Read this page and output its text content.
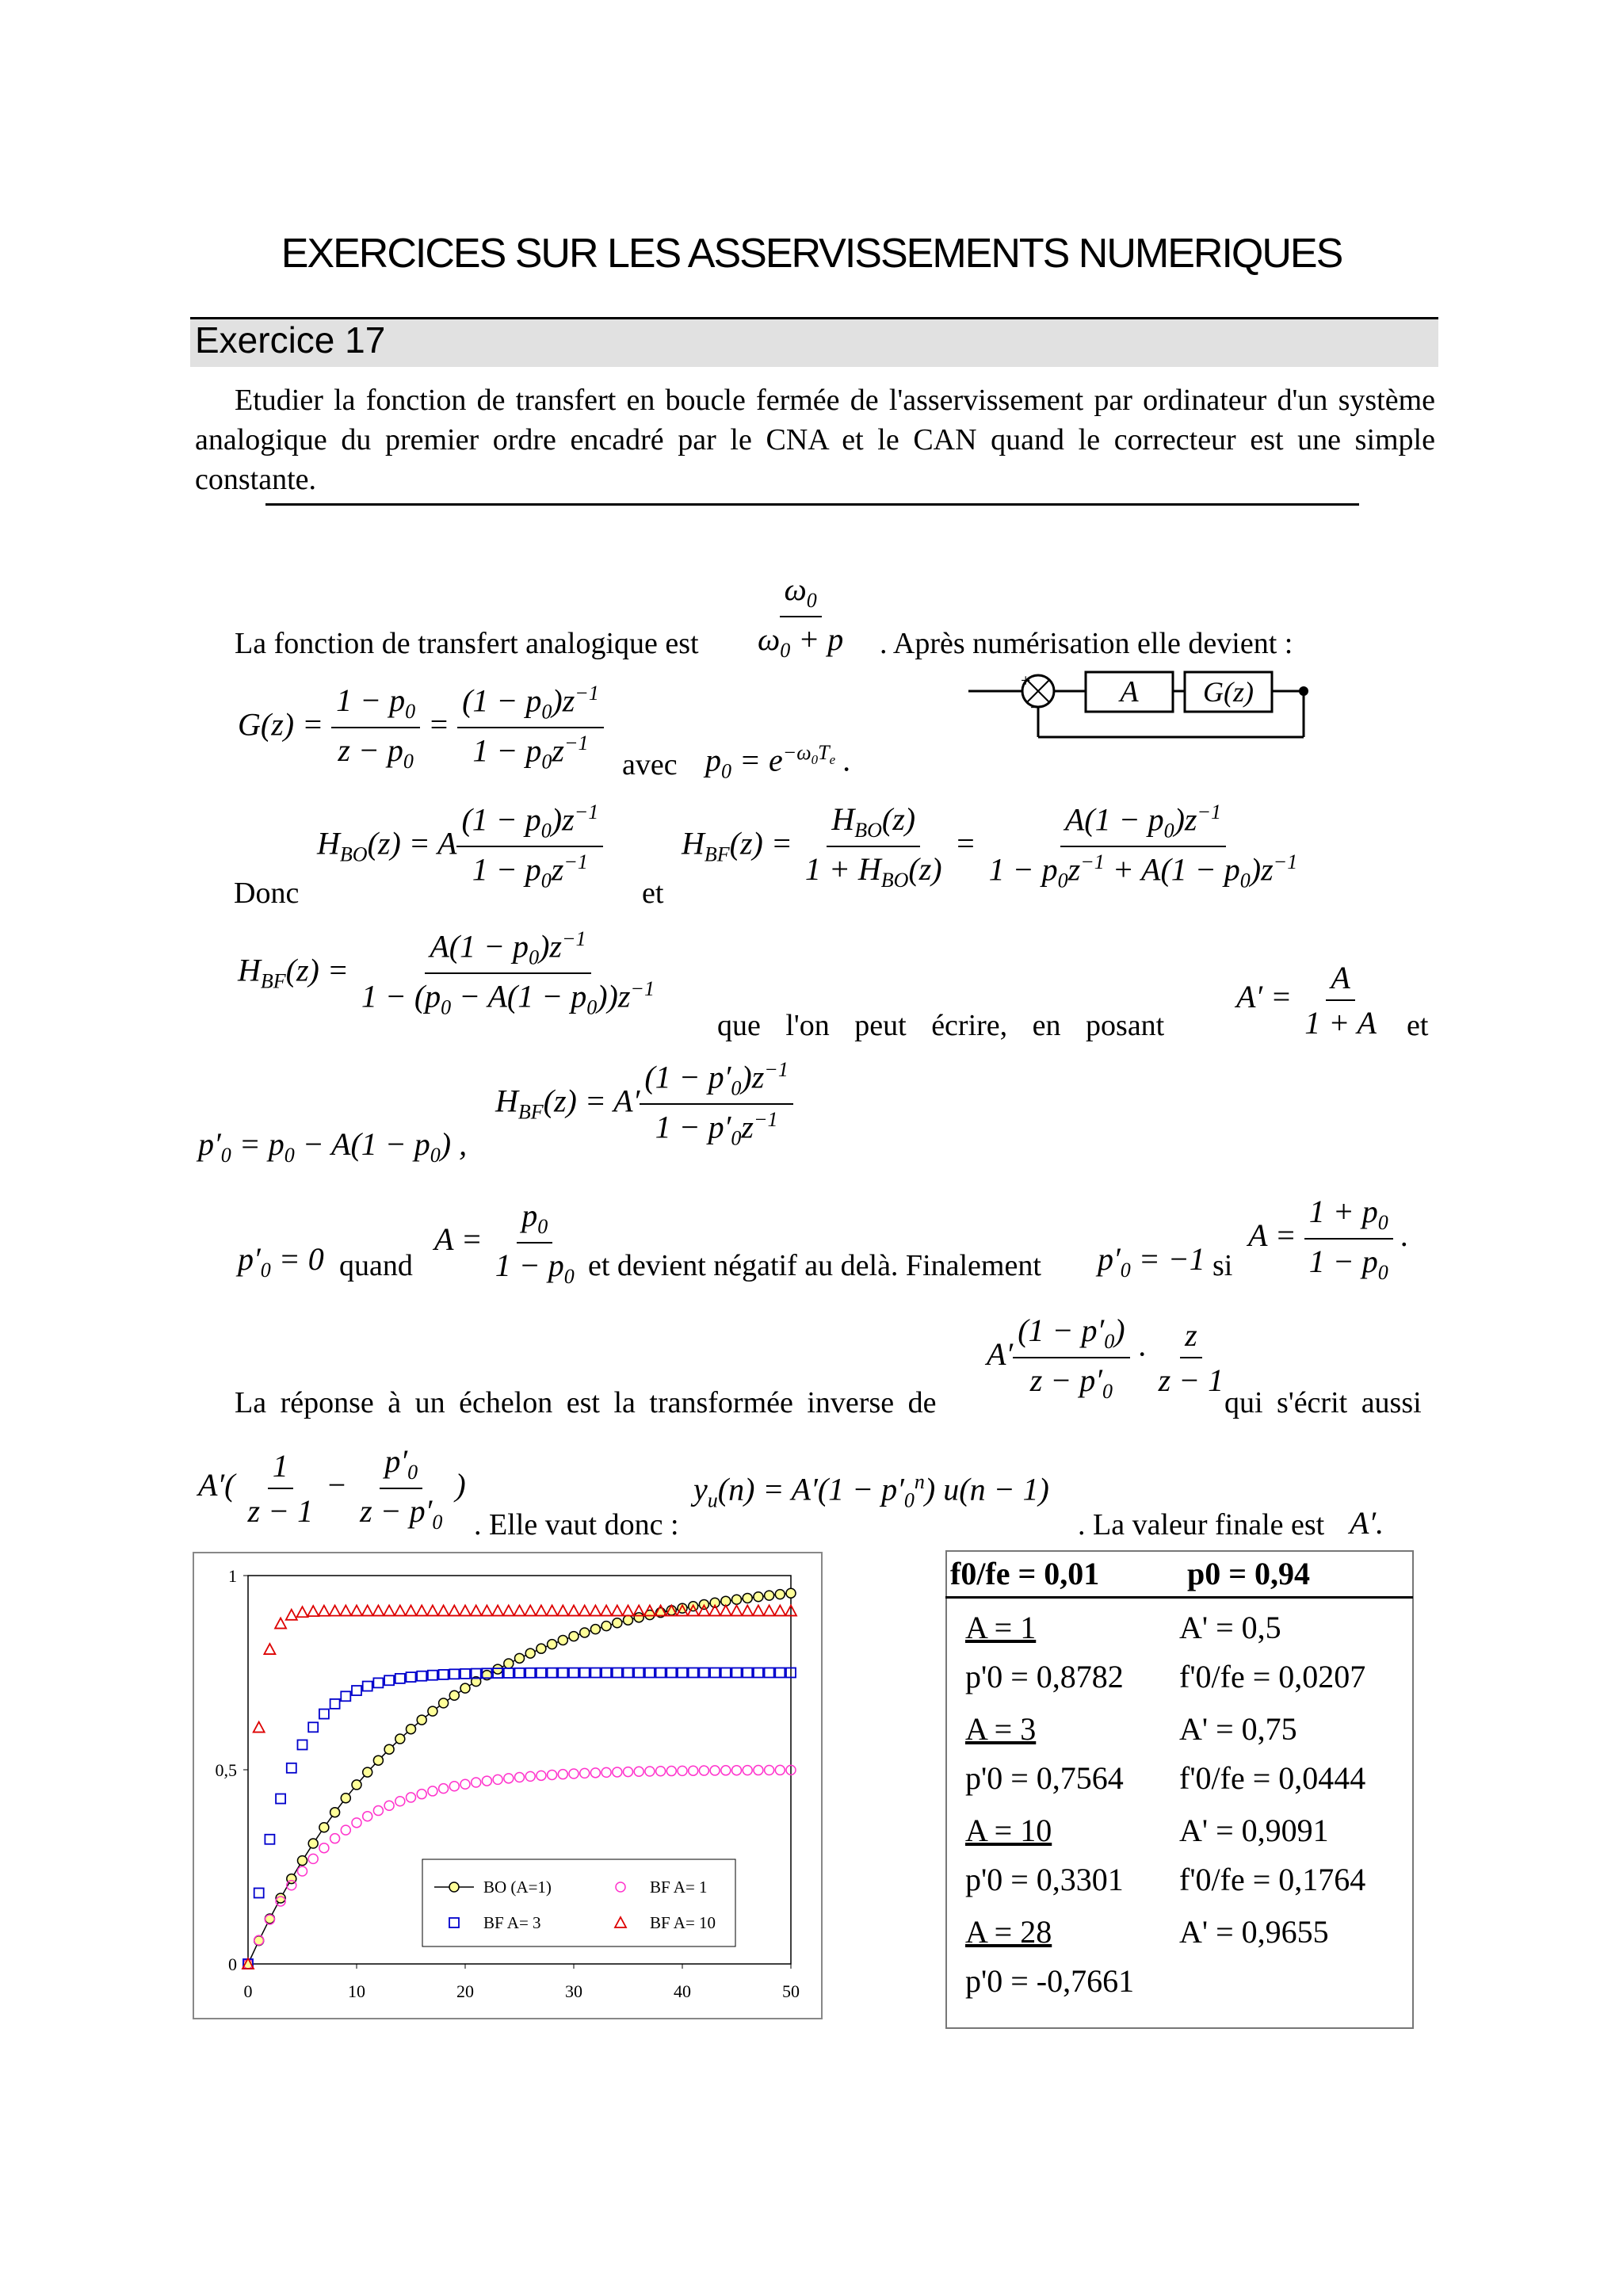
EXERCICES SUR LES ASSERVISSEMENTS NUMERIQUES
Exercice 17
Etudier la fonction de transfert en boucle fermée de l'asservissement par ordinateur d'un système analogique du premier ordre encadré par le CNA et le CAN quand le correcteur est une simple constante.
La fonction de transfert analogique est $\frac{\omega_0}{\omega_0 + p}$ . Après numérisation elle devient :
$G(z) = \frac{1 - p_0}{z - p_0} = \frac{(1 - p_0)z^{-1}}{1 - p_0z^{-1}}$ avec $p_0 = e^{-\omega_0T_e}$ .
+
−	A G(z)
$H_{BO}(z) = A \frac{(1 - p_0)z^{-1}}{1 - p_0z^{-1}}$
Donc	et
$H_{BF}(z) = \frac{H_{BO}(z)}{1 + H_{BO}(z)} = \frac{A(1 - p_0)z^{-1}}{1 - p_0z^{-1} + A(1 - p_0)z^{-1}}$
$H_{BF}(z) = \frac{A(1 - p_0)z^{-1}}{1 - (p_0 - A(1 - p_0))z^{-1}}$
que l'on peut écrire, en posant
$A' = \frac{A}{1 + A}$ et
$p'_0 = p_0 - A(1 - p_0)$ ,
$H_{BF}(z) = A' \frac{(1 - p'_0)z^{-1}}{1 - p'_0z^{-1}}$
$p'_0 = 0$ quand
$A = \frac{p_0}{1 - p_0}$ et devient négatif au delà. Finalement $p'_0 = -1$ si
$A = \frac{1 + p_0}{1 - p_0}$ .
La réponse à un échelon est la transformée inverse de
$A' \frac{(1 - p'_0)}{z - p'_0} \cdot \frac{z}{z - 1}$
qui s'écrit aussi
$A'( \frac{1}{z - 1} - \frac{p'_0}{z - p'_0}$ )
. Elle vaut donc :
$y_u(n) = A'(1 - p'_0^n) u(n - 1)$
. La valeur finale est A′.
0	10	20	30	40	50
0
0,5
1
BO (A=1)	BF A= 1
BF A= 3	BF A= 10
f0/fe = 0,01	p0 = 0,94
A = 1	A' = 0,5
p'0 = 0,8782 f'0/fe = 0,0207
A = 3	A' = 0,75
p'0 = 0,7564 f'0/fe = 0,0444
A = 10	A' = 0,9091
p'0 = 0,3301 f'0/fe = 0,1764
A = 28	A' = 0,9655
p'0 = -0,7661
